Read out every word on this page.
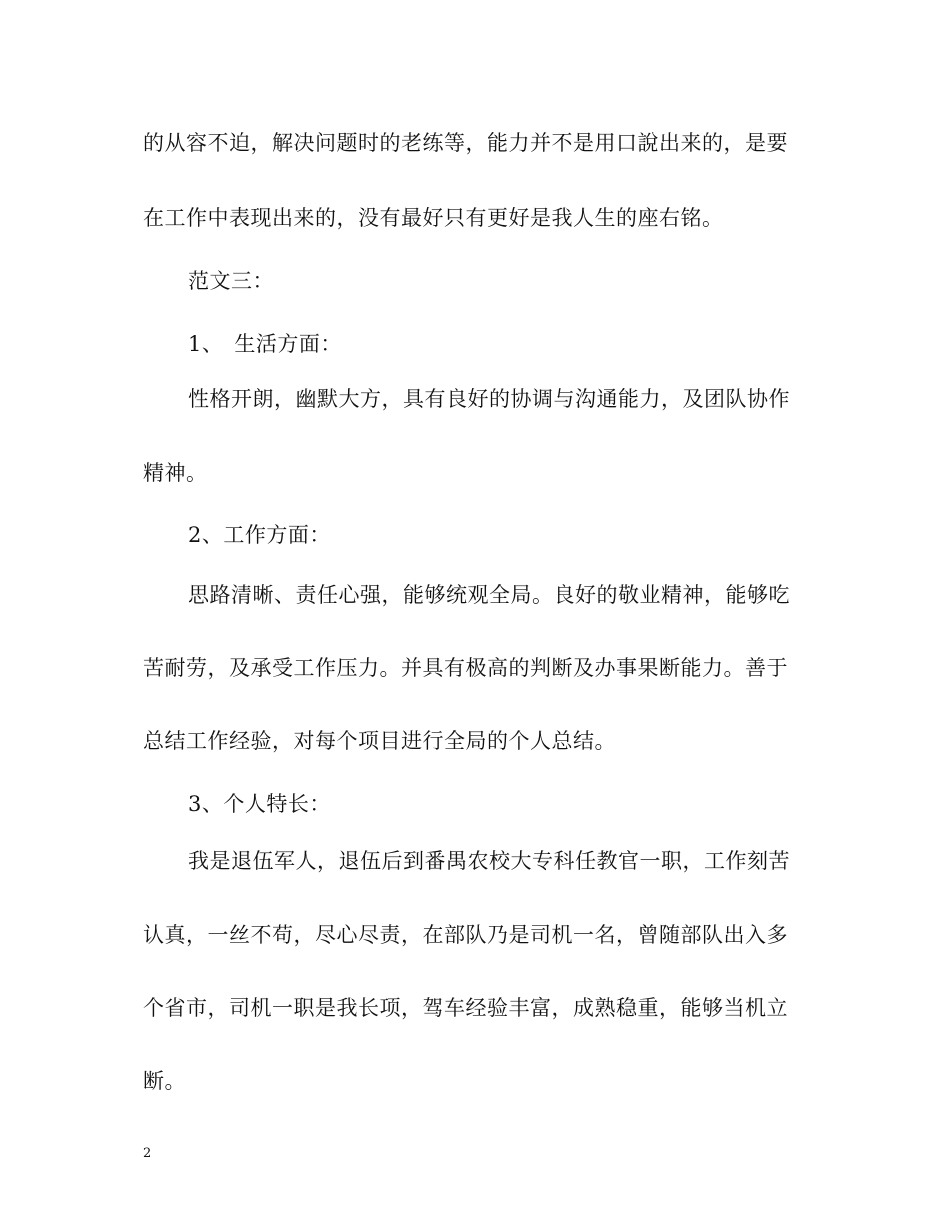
的从容不迫，解决问题时的老练等，能力并不是用口說出来的，是要
在工作中表现出来的，没有最好只有更好是我人生的座右铭。
范文三：
1、　生活方面：
性格开朗，幽默大方，具有良好的协调与沟通能力，及团队协作
精神。
2、工作方面：
思路清晰、责任心强，能够统观全局。良好的敬业精神，能够吃
苦耐劳，及承受工作压力。并具有极高的判断及办事果断能力。善于
总结工作经验，对每个项目进行全局的个人总结。
3、个人特长：
我是退伍军人，退伍后到番禺农校大专科任教官一职，工作刻苦
认真，一丝不苟，尽心尽责，在部队乃是司机一名，曾随部队出入多
个省市，司机一职是我长项，驾车经验丰富，成熟稳重，能够当机立
断。
2
